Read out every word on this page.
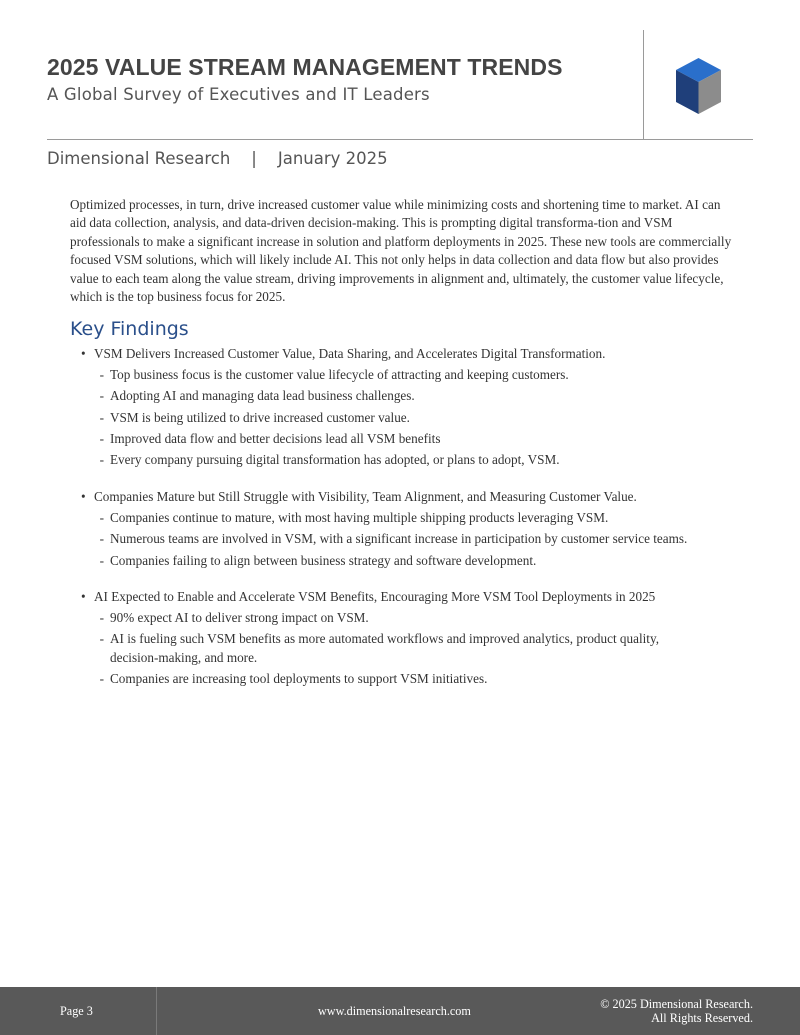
2025 VALUE STREAM MANAGEMENT TRENDS
A Global Survey of Executives and IT Leaders
Dimensional Research    |    January 2025

Optimized processes, in turn, drive increased customer value while minimizing costs and shortening time to market. AI can aid data collection, analysis, and data-driven decision-making. This is prompting digital transforma-tion and VSM professionals to make a significant increase in solution and platform deployments in 2025. These new tools are commercially focused VSM solutions, which will likely include AI. This not only helps in data collection and data flow but also provides value to each team along the value stream, driving improvements in alignment and, ultimately, the customer value lifecycle, which is the top business focus for 2025.

Key Findings
• VSM Delivers Increased Customer Value, Data Sharing, and Accelerates Digital Transformation.
- Top business focus is the customer value lifecycle of attracting and keeping customers.
- Adopting AI and managing data lead business challenges.
- VSM is being utilized to drive increased customer value.
- Improved data flow and better decisions lead all VSM benefits
- Every company pursuing digital transformation has adopted, or plans to adopt, VSM.
• Companies Mature but Still Struggle with Visibility, Team Alignment, and Measuring Customer Value.
- Companies continue to mature, with most having multiple shipping products leveraging VSM.
- Numerous teams are involved in VSM, with a significant increase in participation by customer service teams.
- Companies failing to align between business strategy and software development.
• AI Expected to Enable and Accelerate VSM Benefits, Encouraging More VSM Tool Deployments in 2025
- 90% expect AI to deliver strong impact on VSM.
- AI is fueling such VSM benefits as more automated workflows and improved analytics, product quality, decision-making, and more.
- Companies are increasing tool deployments to support VSM initiatives.
Page 3	www.dimensionalresearch.com	© 2025 Dimensional Research.
All Rights Reserved.
